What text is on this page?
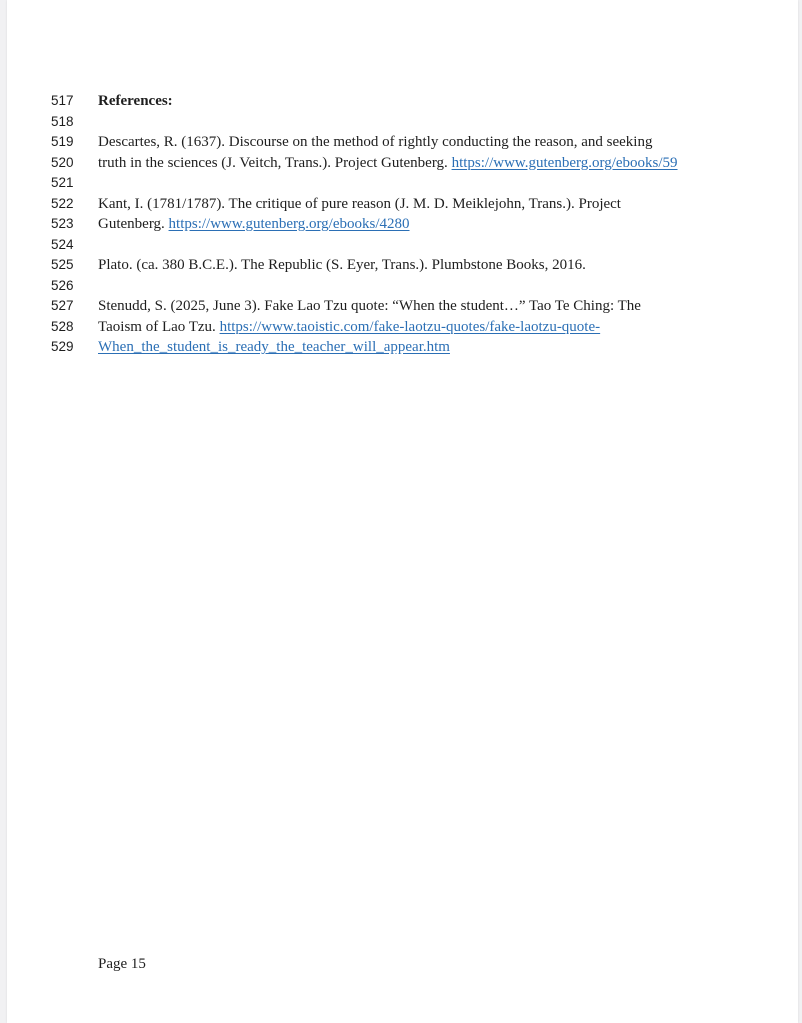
517	References:
518
519	Descartes, R. (1637). Discourse on the method of rightly conducting the reason, and seeking
520	truth in the sciences (J. Veitch, Trans.). Project Gutenberg. https://www.gutenberg.org/ebooks/59
521
522	Kant, I. (1781/1787). The critique of pure reason (J. M. D. Meiklejohn, Trans.). Project
523	Gutenberg. https://www.gutenberg.org/ebooks/4280
524
525	Plato. (ca. 380 B.C.E.). The Republic (S. Eyer, Trans.). Plumbstone Books, 2016.
526
527	Stenudd, S. (2025, June 3). Fake Lao Tzu quote: “When the student…” Tao Te Ching: The
528	Taoism of Lao Tzu. https://www.taoistic.com/fake-laotzu-quotes/fake-laotzu-quote-
529	When_the_student_is_ready_the_teacher_will_appear.htm
Page 15
